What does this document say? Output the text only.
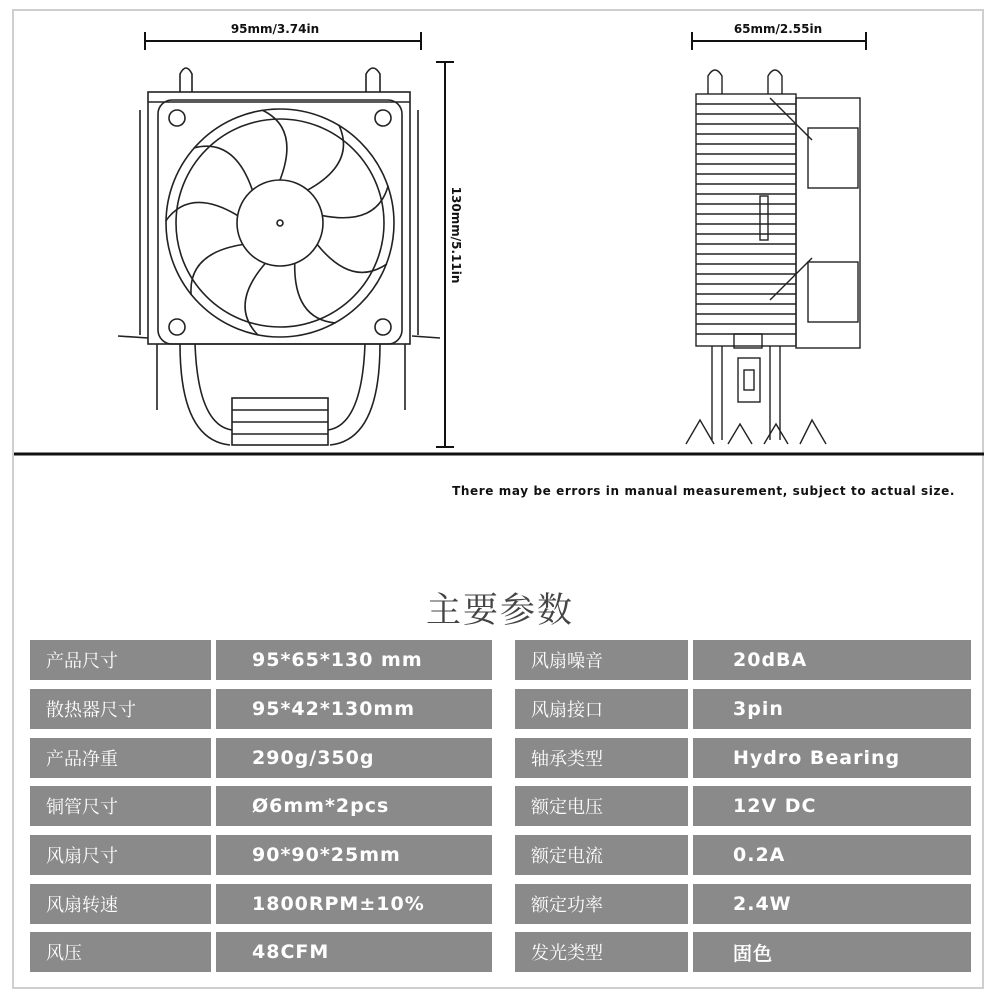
95mm/3.74in	65mm/2.55in
130mm/5.11in
There may be errors in manual measurement, subject to actual size.
主要参数
产品尺寸	95*65*130 mm	风扇噪音	20dBA
散热器尺寸	95*42*130mm	风扇接口	3pin
产品净重	290g/350g	轴承类型	Hydro Bearing
铜管尺寸	Ø6mm*2pcs	额定电压	12V DC
风扇尺寸	90*90*25mm	额定电流	0.2A
风扇转速	1800RPM±10%	额定功率	2.4W
风压	48CFM	发光类型	固色
